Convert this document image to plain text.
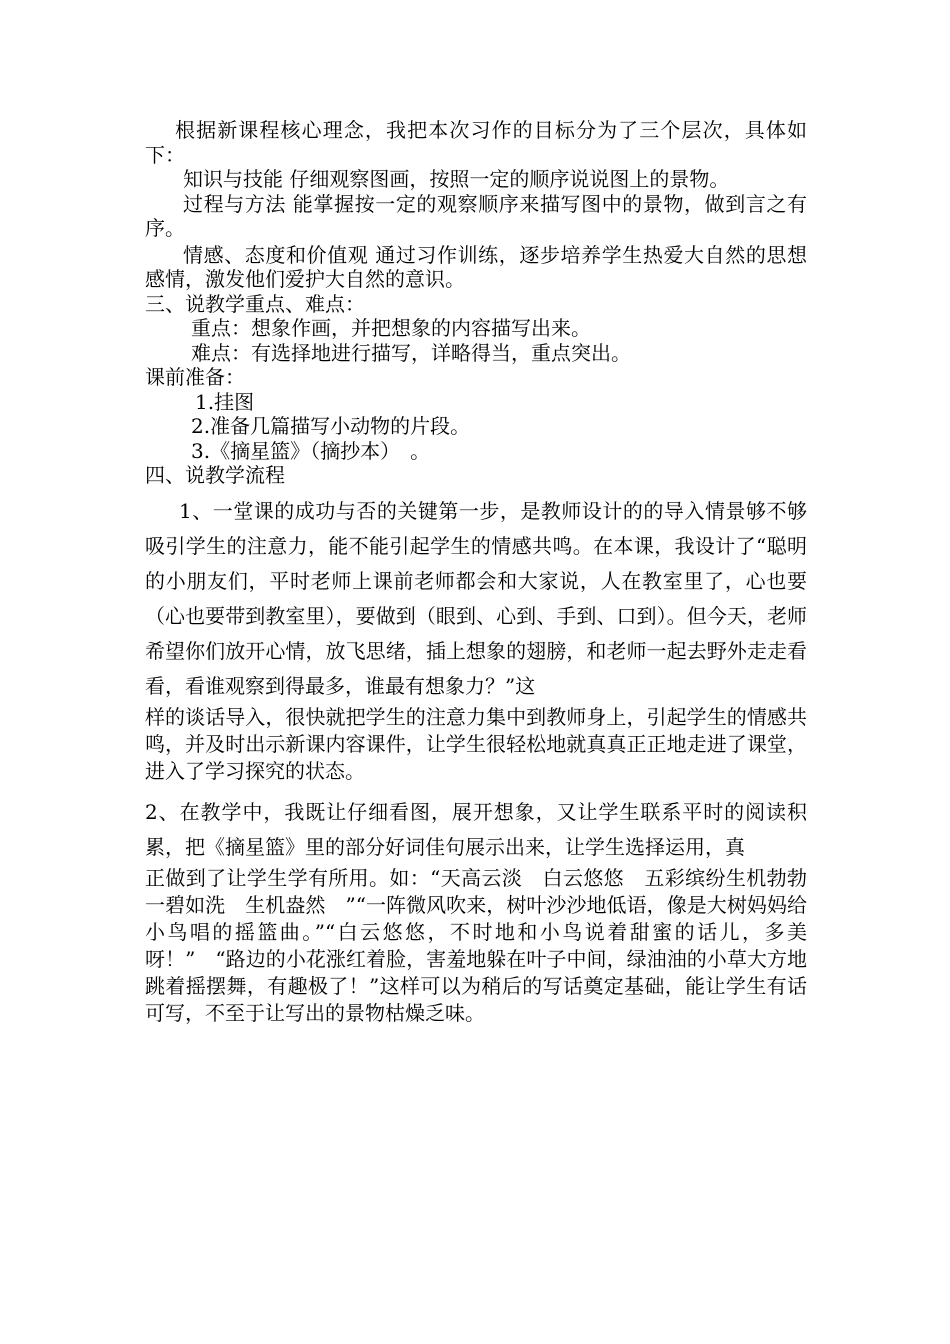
根据新课程核心理念，我把本次习作的目标分为了三个层次，具体如下：

知识与技能 仔细观察图画，按照一定的顺序说说图上的景物。

过程与方法 能掌握按一定的观察顺序来描写图中的景物，做到言之有序。

情感、态度和价值观 通过习作训练，逐步培养学生热爱大自然的思想感情，激发他们爱护大自然的意识。

三、说教学重点、难点：

重点：想象作画，并把想象的内容描写出来。

难点：有选择地进行描写，详略得当，重点突出。

课前准备：

1.挂图

2.准备几篇描写小动物的片段。

3.《摘星篮》（摘抄本）　。

四、说教学流程

1、一堂课的成功与否的关键第一步，是教师设计的的导入情景够不够吸引学生的注意力，能不能引起学生的情感共鸣。在本课，我设计了“聪明的小朋友们，平时老师上课前老师都会和大家说，人在教室里了，心也要（心也要带到教室里），要做到（眼到、心到、手到、口到）。但今天，老师希望你们放开心情，放飞思绪，插上想象的翅膀，和老师一起去野外走走看看，看谁观察到得最多，谁最有想象力？”这

样的谈话导入，很快就把学生的注意力集中到教师身上，引起学生的情感共鸣，并及时出示新课内容课件，让学生很轻松地就真真正正地走进了课堂，进入了学习探究的状态。

2、在教学中，我既让仔细看图，展开想象，又让学生联系平时的阅读积累，把《摘星篮》里的部分好词佳句展示出来，让学生选择运用，真

正做到了让学生学有所用。如：“天高云淡　白云悠悠　五彩缤纷生机勃勃　一碧如洗　生机盎然　”“一阵微风吹来，树叶沙沙地低语，像是大树妈妈给小鸟唱的摇篮曲。”“白云悠悠，不时地和小鸟说着甜蜜的话儿，多美呀！”　“路边的小花涨红着脸，害羞地躲在叶子中间，绿油油的小草大方地跳着摇摆舞，有趣极了！”这样可以为稍后的写话奠定基础，能让学生有话可写，不至于让写出的景物枯燥乏味。
